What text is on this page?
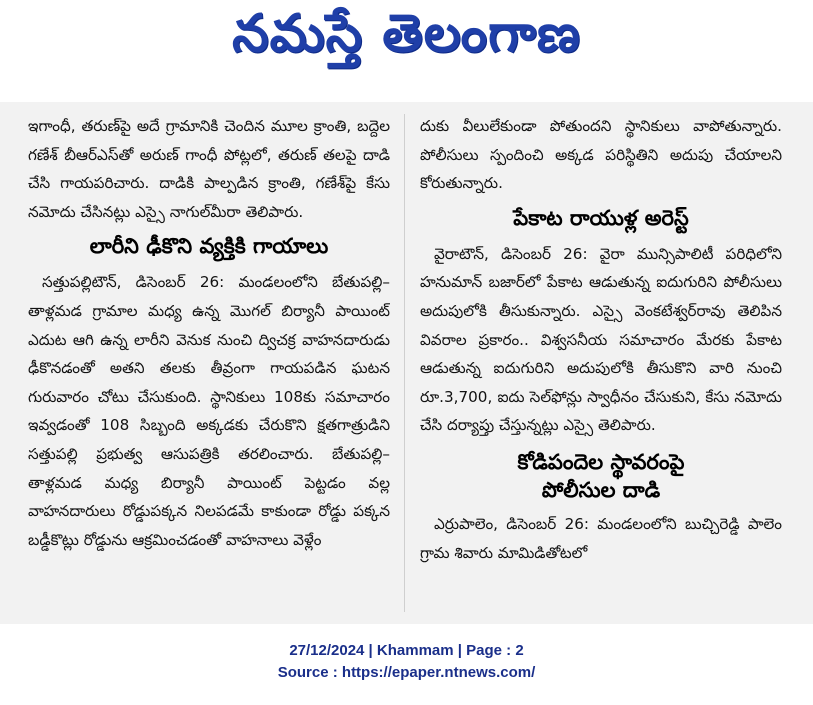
నమస్తే తెలంగాణ

ఇగాంధీ, తరుణ్‌పై అదే గ్రామానికి చెందిన మూల క్రాంతి, బద్దెల గణేశ్ బీఆర్ఎస్‌తో అరుణ్ గాంధీ పోట్లలో, తరుణ్ తలపై దాడి చేసి గాయపరిచారు. దాడికి పాల్పడిన క్రాంతి, గణేశ్‌పై కేసు నమోదు చేసినట్లు ఎస్సై నాగుల్‌మీరా తెలిపారు.

లారీని ఢీకొని వ్యక్తికి గాయాలు

సత్తుపల్లిటౌన్, డిసెంబర్ 26: మండలంలోని బేతుపల్లి– తాళ్లమడ గ్రామాల మధ్య ఉన్న మొగల్ బిర్యానీ పాయింట్ ఎదుట ఆగి ఉన్న లారీని వెనుక నుంచి ద్విచక్ర వాహనదారుడు ఢీకొనడంతో అతని తలకు తీవ్రంగా గాయపడిన ఘటన గురువారం చోటు చేసుకుంది. స్థానికులు 108కు సమాచారం ఇవ్వడంతో 108 సిబ్బంది అక్కడకు చేరుకొని క్షతగాత్రుడిని సత్తుపల్లి ప్రభుత్వ ఆసుపత్రికి తరలించారు. బేతుపల్లి– తాళ్లమడ మధ్య బిర్యానీ పాయింట్ పెట్టడం వల్ల వాహనదారులు రోడ్డుపక్కన నిలపడమే కాకుండా రోడ్డు పక్కన బడ్డీకొట్లు రోడ్డును ఆక్రమించడంతో వాహనాలు వెళ్లేం

దుకు వీలులేకుండా పోతుందని స్థానికులు వాపోతున్నారు. పోలీసులు స్పందించి అక్కడ పరిస్థితిని అదుపు చేయాలని కోరుతున్నారు.

పేకాట రాయుళ్ల అరెస్ట్

వైరాటౌన్, డిసెంబర్ 26: వైరా మున్సిపాలిటీ పరిధిలోని హనుమాన్ బజార్‌లో పేకాట ఆడుతున్న ఐదుగురిని పోలీసులు అదుపులోకి తీసుకున్నారు. ఎస్సై వెంకటేశ్వర్‌రావు తెలిపిన వివరాల ప్రకారం.. విశ్వసనీయ సమాచారం మేరకు పేకాట ఆడుతున్న ఐదుగురిని అదుపులోకి తీసుకొని వారి నుంచి రూ.3,700, ఐదు సెల్‌ఫోన్లు స్వాధీనం చేసుకుని, కేసు నమోదు చేసి దర్యాప్తు చేస్తున్నట్లు ఎస్సై తెలిపారు.

కోడిపందెల స్థావరంపై
పోలీసుల దాడి

ఎర్రుపాలెం, డిసెంబర్ 26: మండలంలోని బుచ్చిరెడ్డి పాలెం గ్రామ శివారు మామిడితోటలో

27/12/2024 | Khammam | Page : 2
Source : https://epaper.ntnews.com/
